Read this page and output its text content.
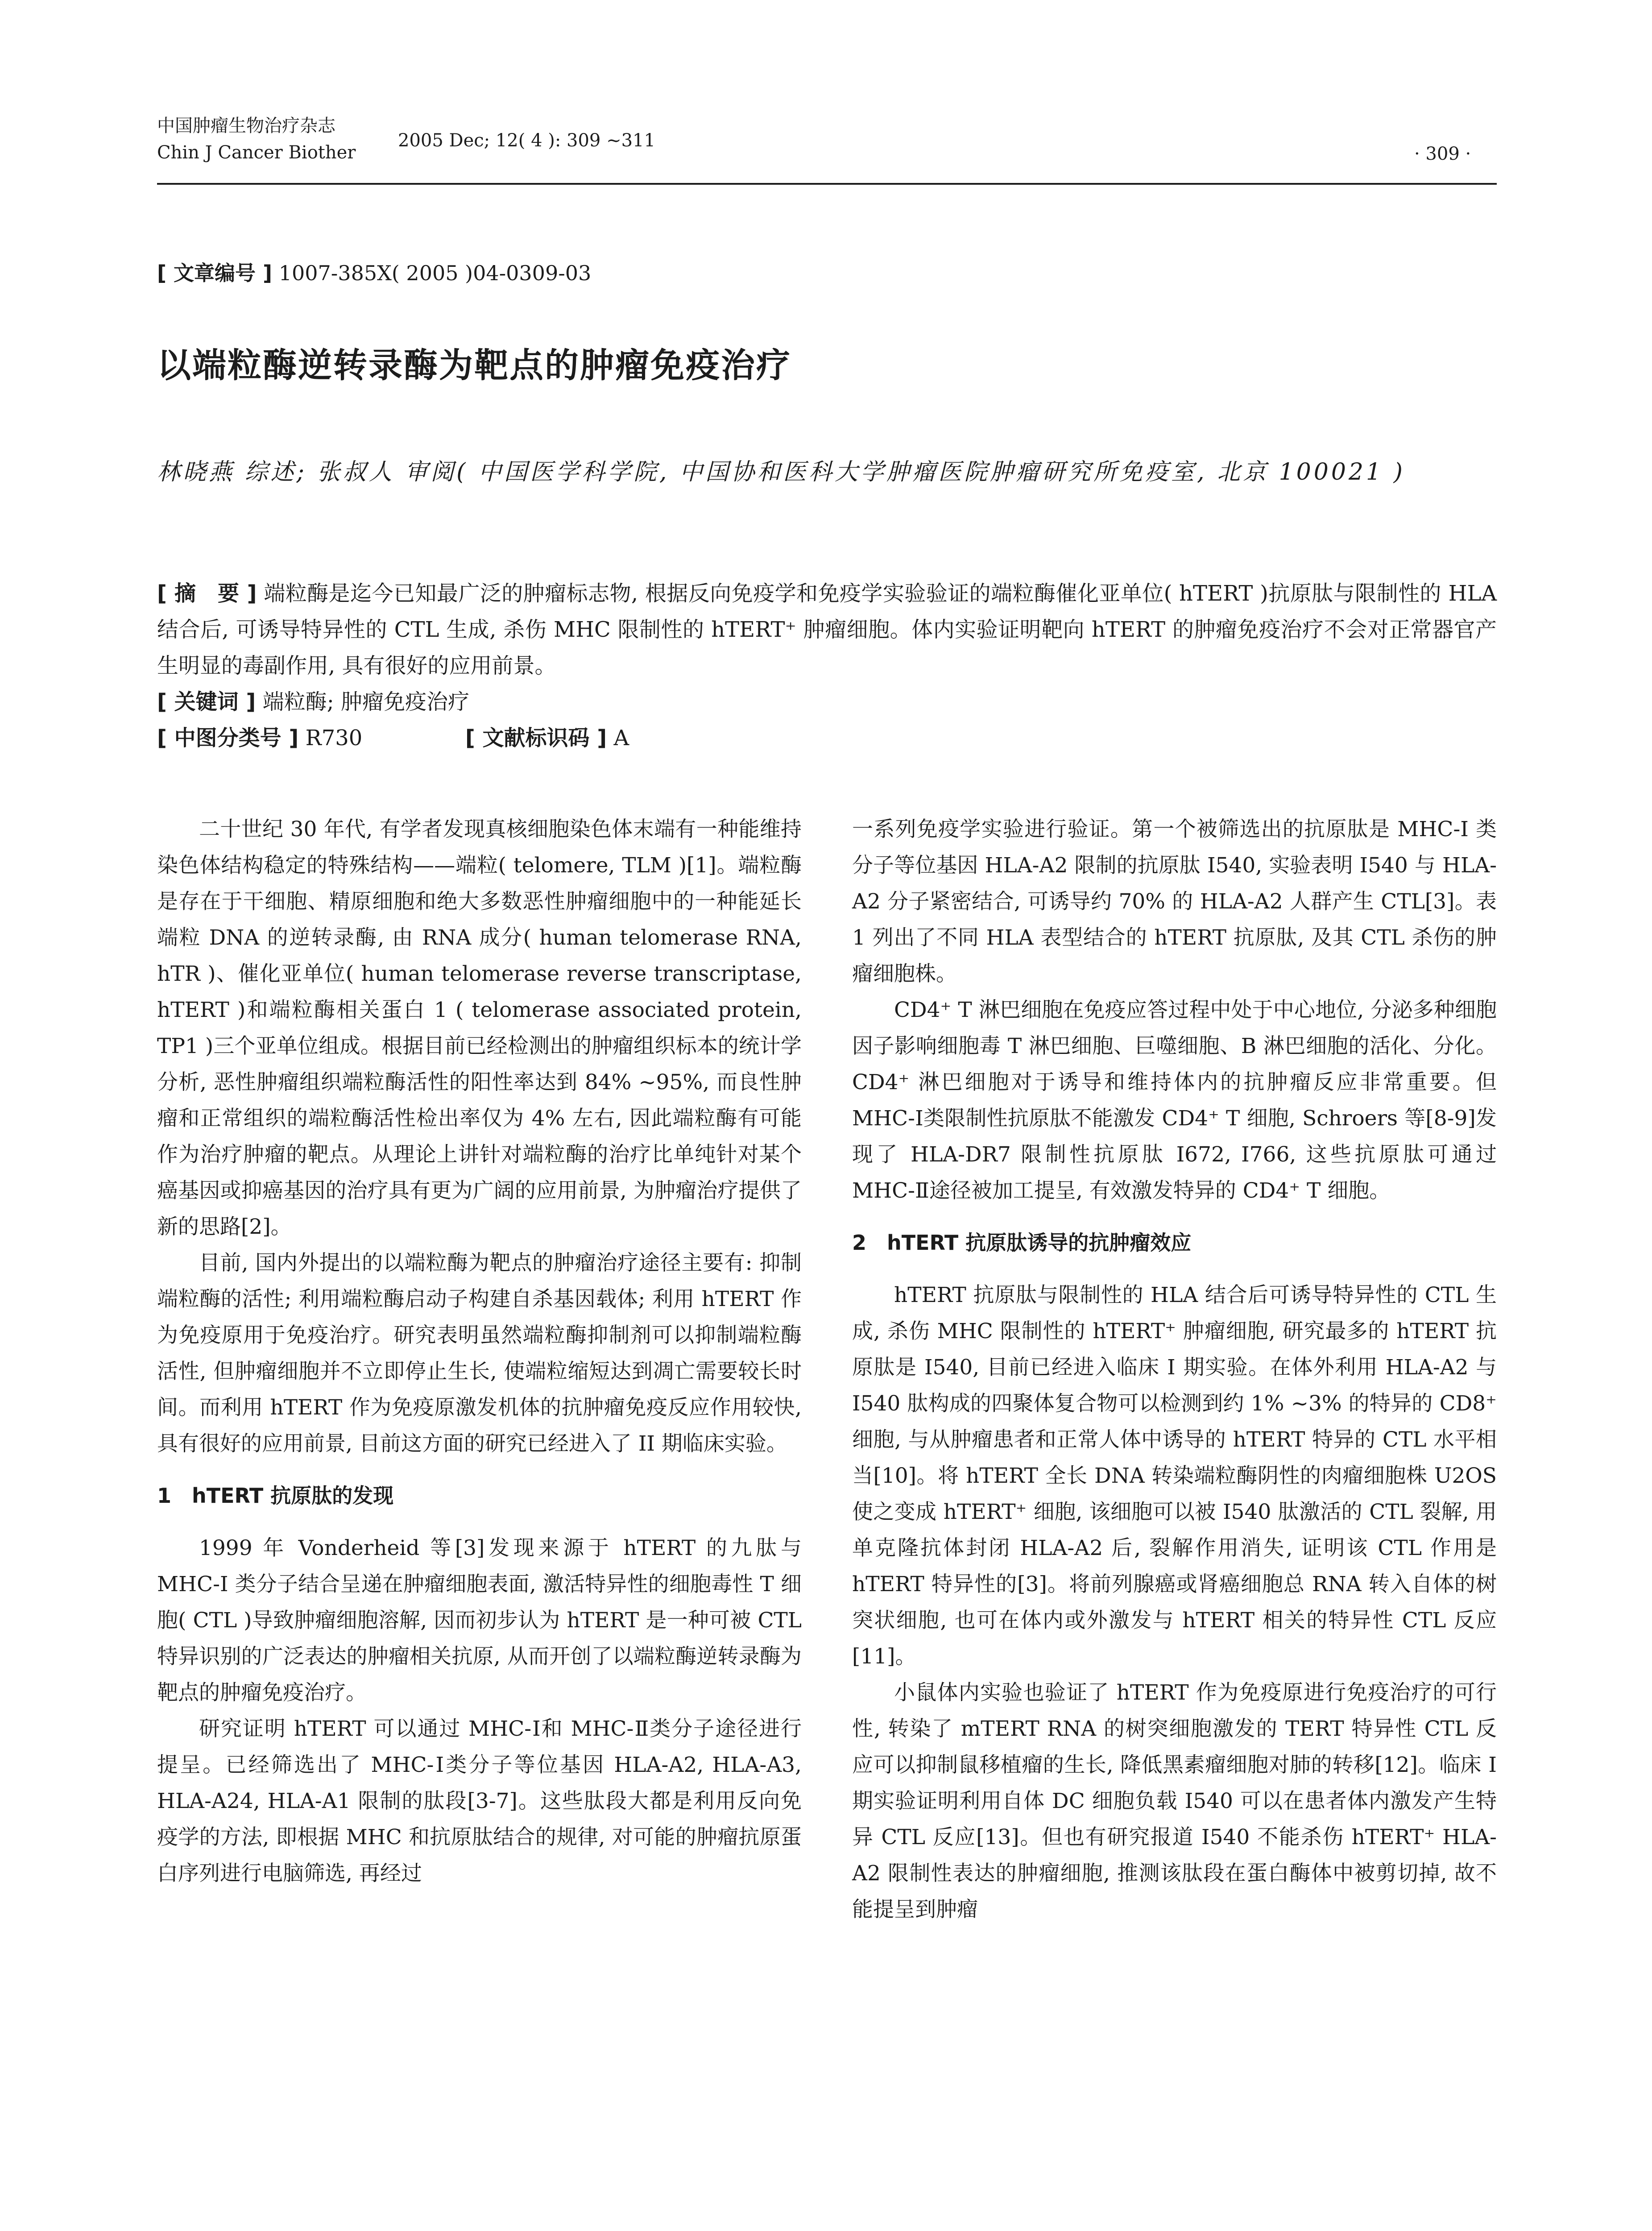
中国肿瘤生物治疗杂志
Chin J Cancer Biother
2005 Dec; 12( 4 ): 309 ~311
· 309 ·
[ 文章编号 ] 1007-385X( 2005 )04-0309-03
以端粒酶逆转录酶为靶点的肿瘤免疫治疗
林晓燕 综述; 张叔人 审阅( 中国医学科学院, 中国协和医科大学肿瘤医院肿瘤研究所免疫室, 北京 100021 )
[ 摘　要 ] 端粒酶是迄今已知最广泛的肿瘤标志物, 根据反向免疫学和免疫学实验验证的端粒酶催化亚单位( hTERT )抗原肽与限制性的 HLA 结合后, 可诱导特异性的 CTL 生成, 杀伤 MHC 限制性的 hTERT⁺ 肿瘤细胞。体内实验证明靶向 hTERT 的肿瘤免疫治疗不会对正常器官产生明显的毒副作用, 具有很好的应用前景。
[ 关键词 ] 端粒酶; 肿瘤免疫治疗
[ 中图分类号 ] R730	[ 文献标识码 ] A

二十世纪 30 年代, 有学者发现真核细胞染色体末端有一种能维持染色体结构稳定的特殊结构——端粒( telomere, TLM )[1]。端粒酶是存在于干细胞、精原细胞和绝大多数恶性肿瘤细胞中的一种能延长端粒 DNA 的逆转录酶, 由 RNA 成分( human telomerase RNA, hTR )、催化亚单位( human telomerase reverse transcriptase, hTERT )和端粒酶相关蛋白 1 ( telomerase associated protein, TP1 )三个亚单位组成。根据目前已经检测出的肿瘤组织标本的统计学分析, 恶性肿瘤组织端粒酶活性的阳性率达到 84% ~95%, 而良性肿瘤和正常组织的端粒酶活性检出率仅为 4% 左右, 因此端粒酶有可能作为治疗肿瘤的靶点。从理论上讲针对端粒酶的治疗比单纯针对某个癌基因或抑癌基因的治疗具有更为广阔的应用前景, 为肿瘤治疗提供了新的思路[2]。

目前, 国内外提出的以端粒酶为靶点的肿瘤治疗途径主要有: 抑制端粒酶的活性; 利用端粒酶启动子构建自杀基因载体; 利用 hTERT 作为免疫原用于免疫治疗。研究表明虽然端粒酶抑制剂可以抑制端粒酶活性, 但肿瘤细胞并不立即停止生长, 使端粒缩短达到凋亡需要较长时间。而利用 hTERT 作为免疫原激发机体的抗肿瘤免疫反应作用较快, 具有很好的应用前景, 目前这方面的研究已经进入了 II 期临床实验。

1　hTERT 抗原肽的发现

1999 年 Vonderheid 等[3]发现来源于 hTERT 的九肽与 MHC-I 类分子结合呈递在肿瘤细胞表面, 激活特异性的细胞毒性 T 细胞( CTL )导致肿瘤细胞溶解, 因而初步认为 hTERT 是一种可被 CTL 特异识别的广泛表达的肿瘤相关抗原, 从而开创了以端粒酶逆转录酶为靶点的肿瘤免疫治疗。

研究证明 hTERT 可以通过 MHC-Ⅰ和 MHC-Ⅱ类分子途径进行提呈。已经筛选出了 MHC-Ⅰ类分子等位基因 HLA-A2, HLA-A3, HLA-A24, HLA-A1 限制的肽段[3-7]。这些肽段大都是利用反向免疫学的方法, 即根据 MHC 和抗原肽结合的规律, 对可能的肿瘤抗原蛋白序列进行电脑筛选, 再经过

一系列免疫学实验进行验证。第一个被筛选出的抗原肽是 MHC-I 类分子等位基因 HLA-A2 限制的抗原肽 I540, 实验表明 I540 与 HLA-A2 分子紧密结合, 可诱导约 70% 的 HLA-A2 人群产生 CTL[3]。表 1 列出了不同 HLA 表型结合的 hTERT 抗原肽, 及其 CTL 杀伤的肿瘤细胞株。

CD4⁺ T 淋巴细胞在免疫应答过程中处于中心地位, 分泌多种细胞因子影响细胞毒 T 淋巴细胞、巨噬细胞、B 淋巴细胞的活化、分化。CD4⁺ 淋巴细胞对于诱导和维持体内的抗肿瘤反应非常重要。但 MHC-Ⅰ类限制性抗原肽不能激发 CD4⁺ T 细胞, Schroers 等[8-9]发现了 HLA-DR7 限制性抗原肽 I672, I766, 这些抗原肽可通过 MHC-Ⅱ途径被加工提呈, 有效激发特异的 CD4⁺ T 细胞。

2　hTERT 抗原肽诱导的抗肿瘤效应

hTERT 抗原肽与限制性的 HLA 结合后可诱导特异性的 CTL 生成, 杀伤 MHC 限制性的 hTERT⁺ 肿瘤细胞, 研究最多的 hTERT 抗原肽是 I540, 目前已经进入临床 Ⅰ 期实验。在体外利用 HLA-A2 与 I540 肽构成的四聚体复合物可以检测到约 1% ~3% 的特异的 CD8⁺ 细胞, 与从肿瘤患者和正常人体中诱导的 hTERT 特异的 CTL 水平相当[10]。将 hTERT 全长 DNA 转染端粒酶阴性的肉瘤细胞株 U2OS 使之变成 hTERT⁺ 细胞, 该细胞可以被 I540 肽激活的 CTL 裂解, 用单克隆抗体封闭 HLA-A2 后, 裂解作用消失, 证明该 CTL 作用是 hTERT 特异性的[3]。将前列腺癌或肾癌细胞总 RNA 转入自体的树突状细胞, 也可在体内或外激发与 hTERT 相关的特异性 CTL 反应[11]。

小鼠体内实验也验证了 hTERT 作为免疫原进行免疫治疗的可行性, 转染了 mTERT RNA 的树突细胞激发的 TERT 特异性 CTL 反应可以抑制鼠移植瘤的生长, 降低黑素瘤细胞对肺的转移[12]。临床 I 期实验证明利用自体 DC 细胞负载 I540 可以在患者体内激发产生特异 CTL 反应[13]。但也有研究报道 I540 不能杀伤 hTERT⁺ HLA-A2 限制性表达的肿瘤细胞, 推测该肽段在蛋白酶体中被剪切掉, 故不能提呈到肿瘤
